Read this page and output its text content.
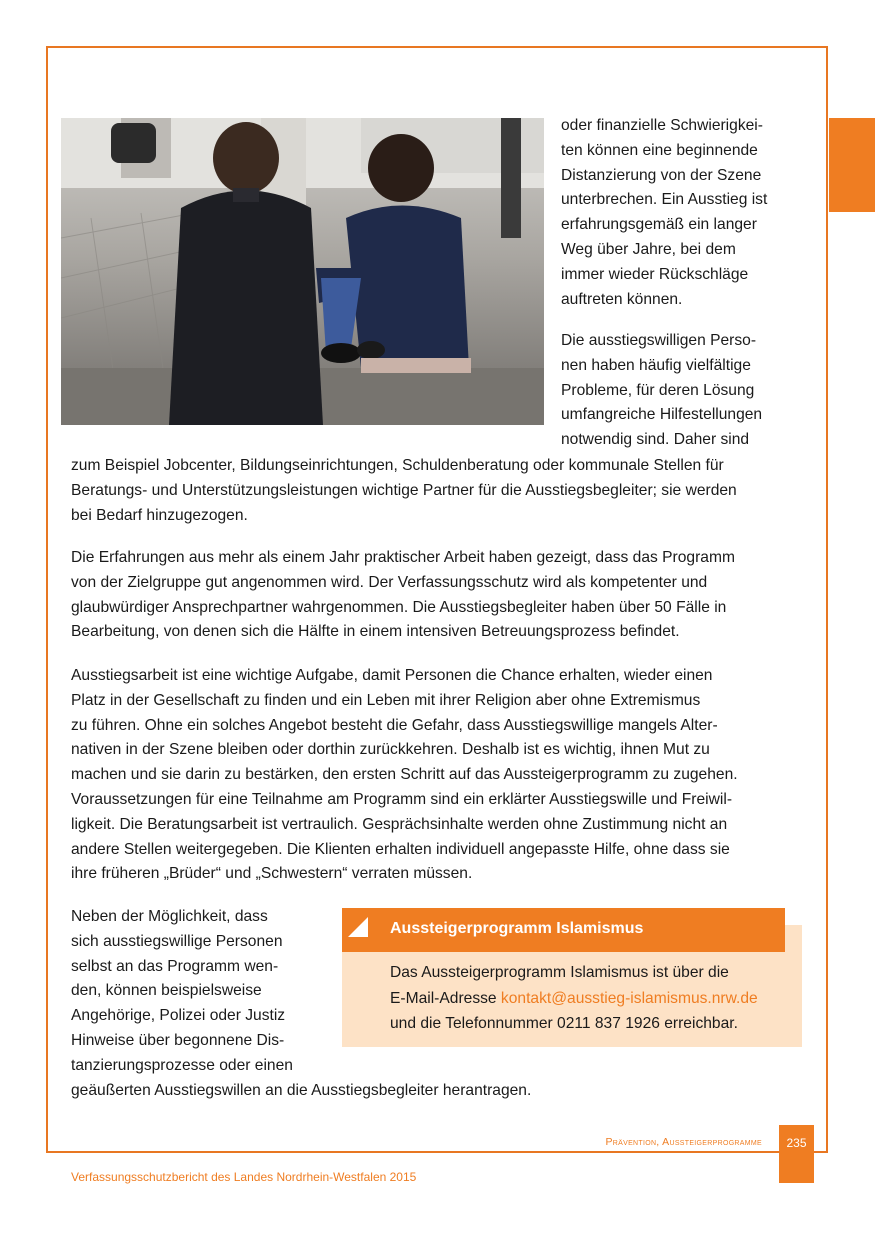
oder finanzielle Schwierigkei-
ten können eine beginnende
Distanzierung von der Szene
unterbrechen. Ein Ausstieg ist
erfahrungsgemäß ein langer
Weg über Jahre, bei dem
immer wieder Rückschläge
auftreten können.
Die ausstiegswilligen Perso-
nen haben häufig vielfältige
Probleme, für deren Lösung
umfangreiche Hilfestellungen
notwendig sind. Daher sind
zum Beispiel Jobcenter, Bildungseinrichtungen, Schuldenberatung oder kommunale Stellen für
Beratungs- und Unterstützungsleistungen wichtige Partner für die Ausstiegsbegleiter; sie werden
bei Bedarf hinzugezogen.
Die Erfahrungen aus mehr als einem Jahr praktischer Arbeit haben gezeigt, dass das Programm
von der Zielgruppe gut angenommen wird. Der Verfassungsschutz wird als kompetenter und
glaubwürdiger Ansprechpartner wahrgenommen. Die Ausstiegsbegleiter haben über 50 Fälle in
Bearbeitung, von denen sich die Hälfte in einem intensiven Betreuungsprozess befindet.
Ausstiegsarbeit ist eine wichtige Aufgabe, damit Personen die Chance erhalten, wieder einen
Platz in der Gesellschaft zu finden und ein Leben mit ihrer Religion aber ohne Extremismus
zu führen. Ohne ein solches Angebot besteht die Gefahr, dass Ausstiegswillige mangels Alter-
nativen in der Szene bleiben oder dorthin zurückkehren. Deshalb ist es wichtig, ihnen Mut zu
machen und sie darin zu bestärken, den ersten Schritt auf das Aussteigerprogramm zu zugehen.
Voraussetzungen für eine Teilnahme am Programm sind ein erklärter Ausstiegswille und Freiwil-
ligkeit. Die Beratungsarbeit ist vertraulich. Gesprächsinhalte werden ohne Zustimmung nicht an
andere Stellen weitergegeben. Die Klienten erhalten individuell angepasste Hilfe, ohne dass sie
ihre früheren „Brüder“ und „Schwestern“ verraten müssen.
Neben der Möglichkeit, dass
sich ausstiegswillige Personen
selbst an das Programm wen-
den, können beispielsweise
Angehörige, Polizei oder Justiz
Hinweise über begonnene Dis-
tanzierungsprozesse oder einen
geäußerten Ausstiegswillen an die Ausstiegsbegleiter herantragen.
Aussteigerprogramm Islamismus
Das Aussteigerprogramm Islamismus ist über die
E-Mail-Adresse kontakt@ausstieg-islamismus.nrw.de
und die Telefonnummer 0211 837 1926 erreichbar.
Prävention, Aussteigerprogramme	235
Verfassungsschutzbericht des Landes Nordrhein-Westfalen 2015
